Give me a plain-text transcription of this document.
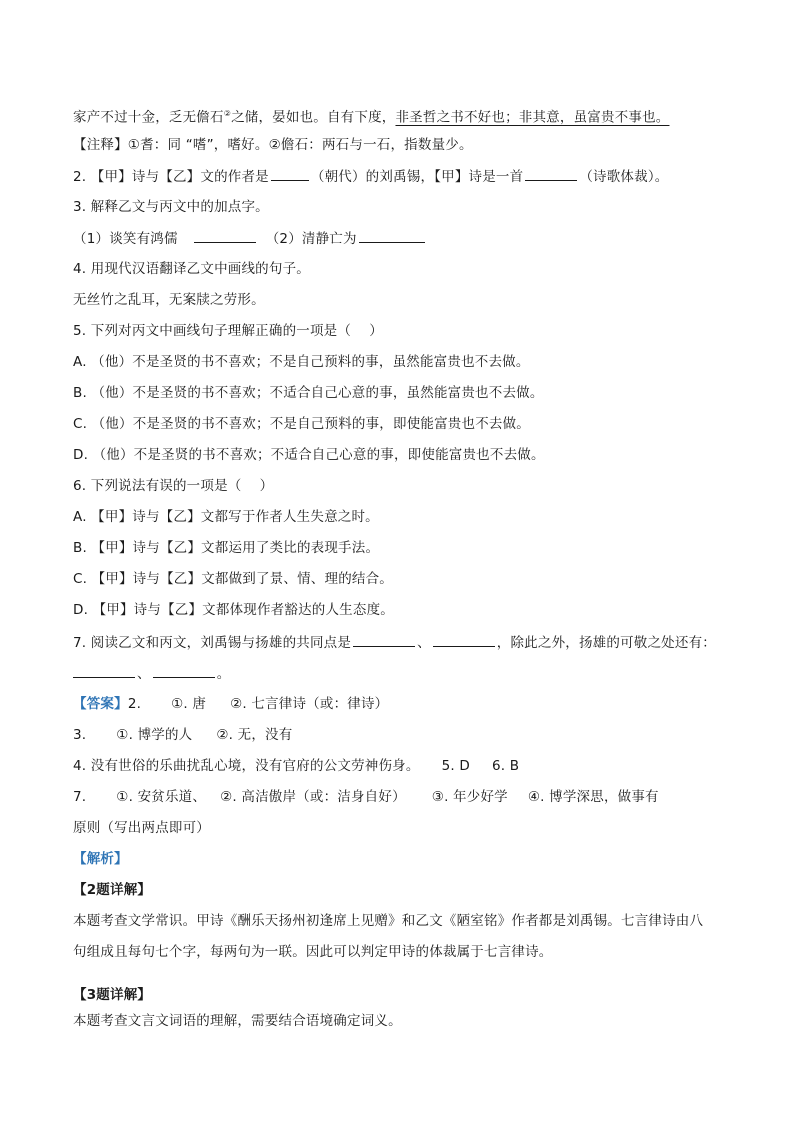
家产不过十金，乏无儋石②之储，晏如也。自有下度，非圣哲之书不好也；非其意，虽富贵不事也。
【注释】①耆：同 “嗜”，嗜好。②儋石：两石与一石，指数量少。
2. 【甲】诗与【乙】文的作者是	（朝代）的刘禹锡，【甲】诗是一首	（诗歌体裁）。
3. 解释乙文与丙文中的加点字。
（1）谈笑有鸿儒	（2）清静亡为
4. 用现代汉语翻译乙文中画线的句子。
无丝竹之乱耳，无案牍之劳形。
5. 下列对丙文中画线句子理解正确的一项是（　 ）
A. （他）不是圣贤的书不喜欢；不是自己预料的事，虽然能富贵也不去做。
B. （他）不是圣贤的书不喜欢；不适合自己心意的事，虽然能富贵也不去做。
C. （他）不是圣贤的书不喜欢；不是自己预料的事，即使能富贵也不去做。
D. （他）不是圣贤的书不喜欢；不适合自己心意的事，即使能富贵也不去做。
6. 下列说法有误的一项是（　 ）
A. 【甲】诗与【乙】文都写于作者人生失意之时。
B. 【甲】诗与【乙】文都运用了类比的表现手法。
C. 【甲】诗与【乙】文都做到了景、情、理的结合。
D. 【甲】诗与【乙】文都体现作者豁达的人生态度。
7. 阅读乙文和丙文，刘禹锡与扬雄的共同点是	、	，除此之外，扬雄的可敬之处还有：
、	。
【答案】2. ①. 唐 ②. 七言律诗（或：律诗）
3. ①. 博学的人 ②. 无，没有
4. 没有世俗的乐曲扰乱心境，没有官府的公文劳神伤身。 5. D 6. B
7. ①. 安贫乐道、 ②. 高洁傲岸（或：洁身自好） ③. 年少好学 ④. 博学深思，做事有
原则（写出两点即可）
【解析】
【2题详解】
本题考查文学常识。甲诗《酬乐天扬州初逢席上见赠》和乙文《陋室铭》作者都是刘禹锡。七言律诗由八
句组成且每句七个字，每两句为一联。因此可以判定甲诗的体裁属于七言律诗。
【3题详解】
本题考查文言文词语的理解，需要结合语境确定词义。
